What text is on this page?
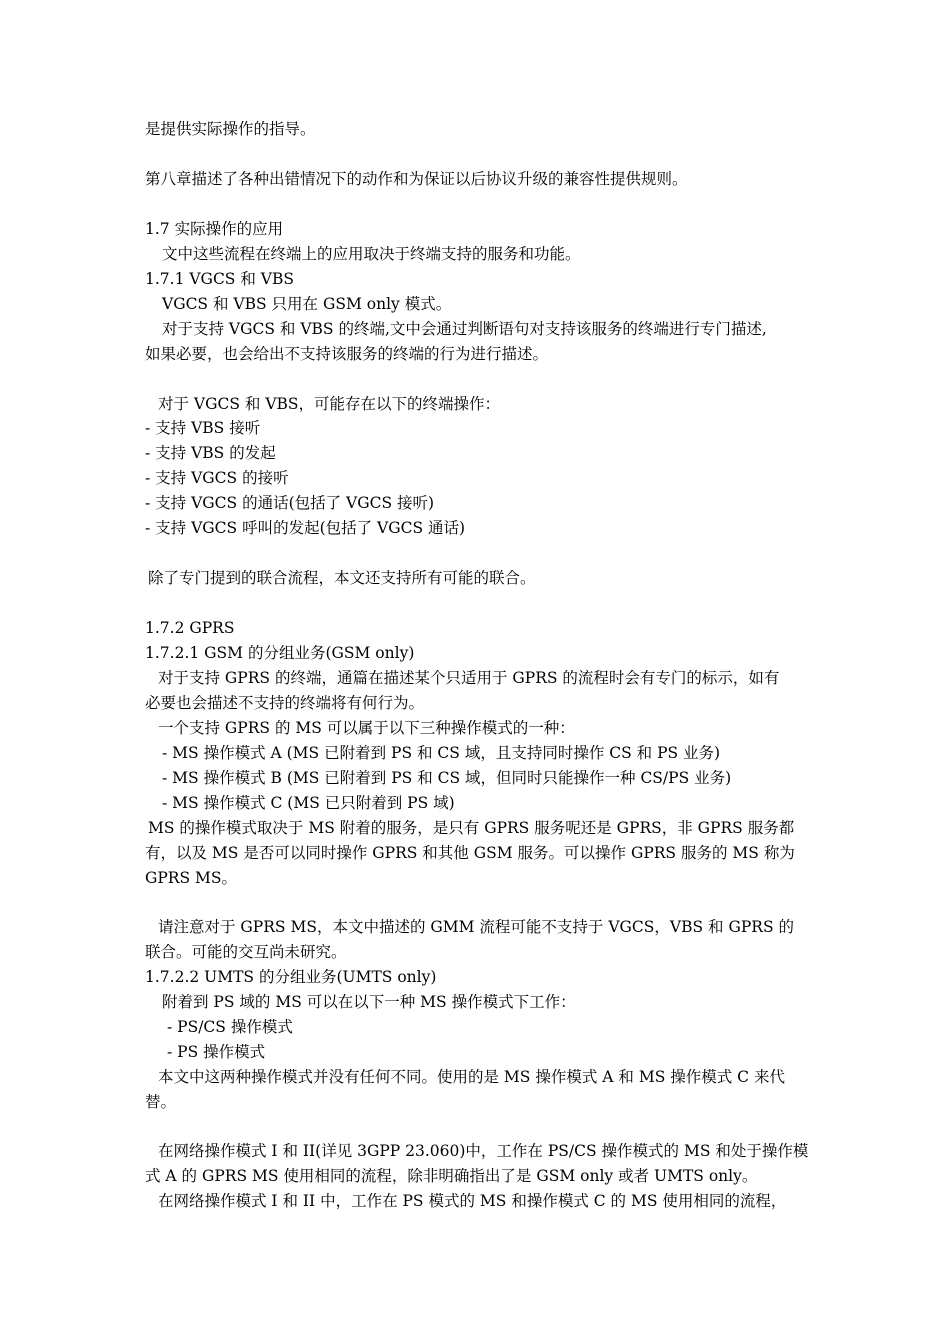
是提供实际操作的指导。
第八章描述了各种出错情况下的动作和为保证以后协议升级的兼容性提供规则。
1.7 实际操作的应用
文中这些流程在终端上的应用取决于终端支持的服务和功能。
1.7.1 VGCS 和 VBS
VGCS 和 VBS 只用在 GSM only 模式。
对于支持 VGCS 和 VBS 的终端,文中会通过判断语句对支持该服务的终端进行专门描述,
如果必要，也会给出不支持该服务的终端的行为进行描述。
对于 VGCS 和 VBS，可能存在以下的终端操作：
- 支持 VBS 接听
- 支持 VBS 的发起
- 支持 VGCS 的接听
- 支持 VGCS 的通话(包括了 VGCS 接听)
- 支持 VGCS 呼叫的发起(包括了 VGCS 通话)
除了专门提到的联合流程，本文还支持所有可能的联合。
1.7.2 GPRS
1.7.2.1 GSM 的分组业务(GSM only)
对于支持 GPRS 的终端，通篇在描述某个只适用于 GPRS 的流程时会有专门的标示，如有
必要也会描述不支持的终端将有何行为。
一个支持 GPRS 的 MS 可以属于以下三种操作模式的一种：
- MS 操作模式 A (MS 已附着到 PS 和 CS 域，且支持同时操作 CS 和 PS 业务)
- MS 操作模式 B (MS 已附着到 PS 和 CS 域，但同时只能操作一种 CS/PS 业务)
- MS 操作模式 C (MS 已只附着到 PS 域)
MS 的操作模式取决于 MS 附着的服务，是只有 GPRS 服务呢还是 GPRS，非 GPRS 服务都
有，以及 MS 是否可以同时操作 GPRS 和其他 GSM 服务。可以操作 GPRS 服务的 MS 称为
GPRS MS。
请注意对于 GPRS MS，本文中描述的 GMM 流程可能不支持于 VGCS，VBS 和 GPRS 的
联合。可能的交互尚未研究。
1.7.2.2 UMTS 的分组业务(UMTS only)
附着到 PS 域的 MS 可以在以下一种 MS 操作模式下工作：
- PS/CS 操作模式
- PS 操作模式
本文中这两种操作模式并没有任何不同。使用的是 MS 操作模式 A 和 MS 操作模式 C 来代
替。
在网络操作模式 I 和 II(详见 3GPP 23.060)中，工作在 PS/CS 操作模式的 MS 和处于操作模
式 A 的 GPRS MS 使用相同的流程，除非明确指出了是 GSM only 或者 UMTS only。
在网络操作模式 I 和 II 中，工作在 PS 模式的 MS 和操作模式 C 的 MS 使用相同的流程，
